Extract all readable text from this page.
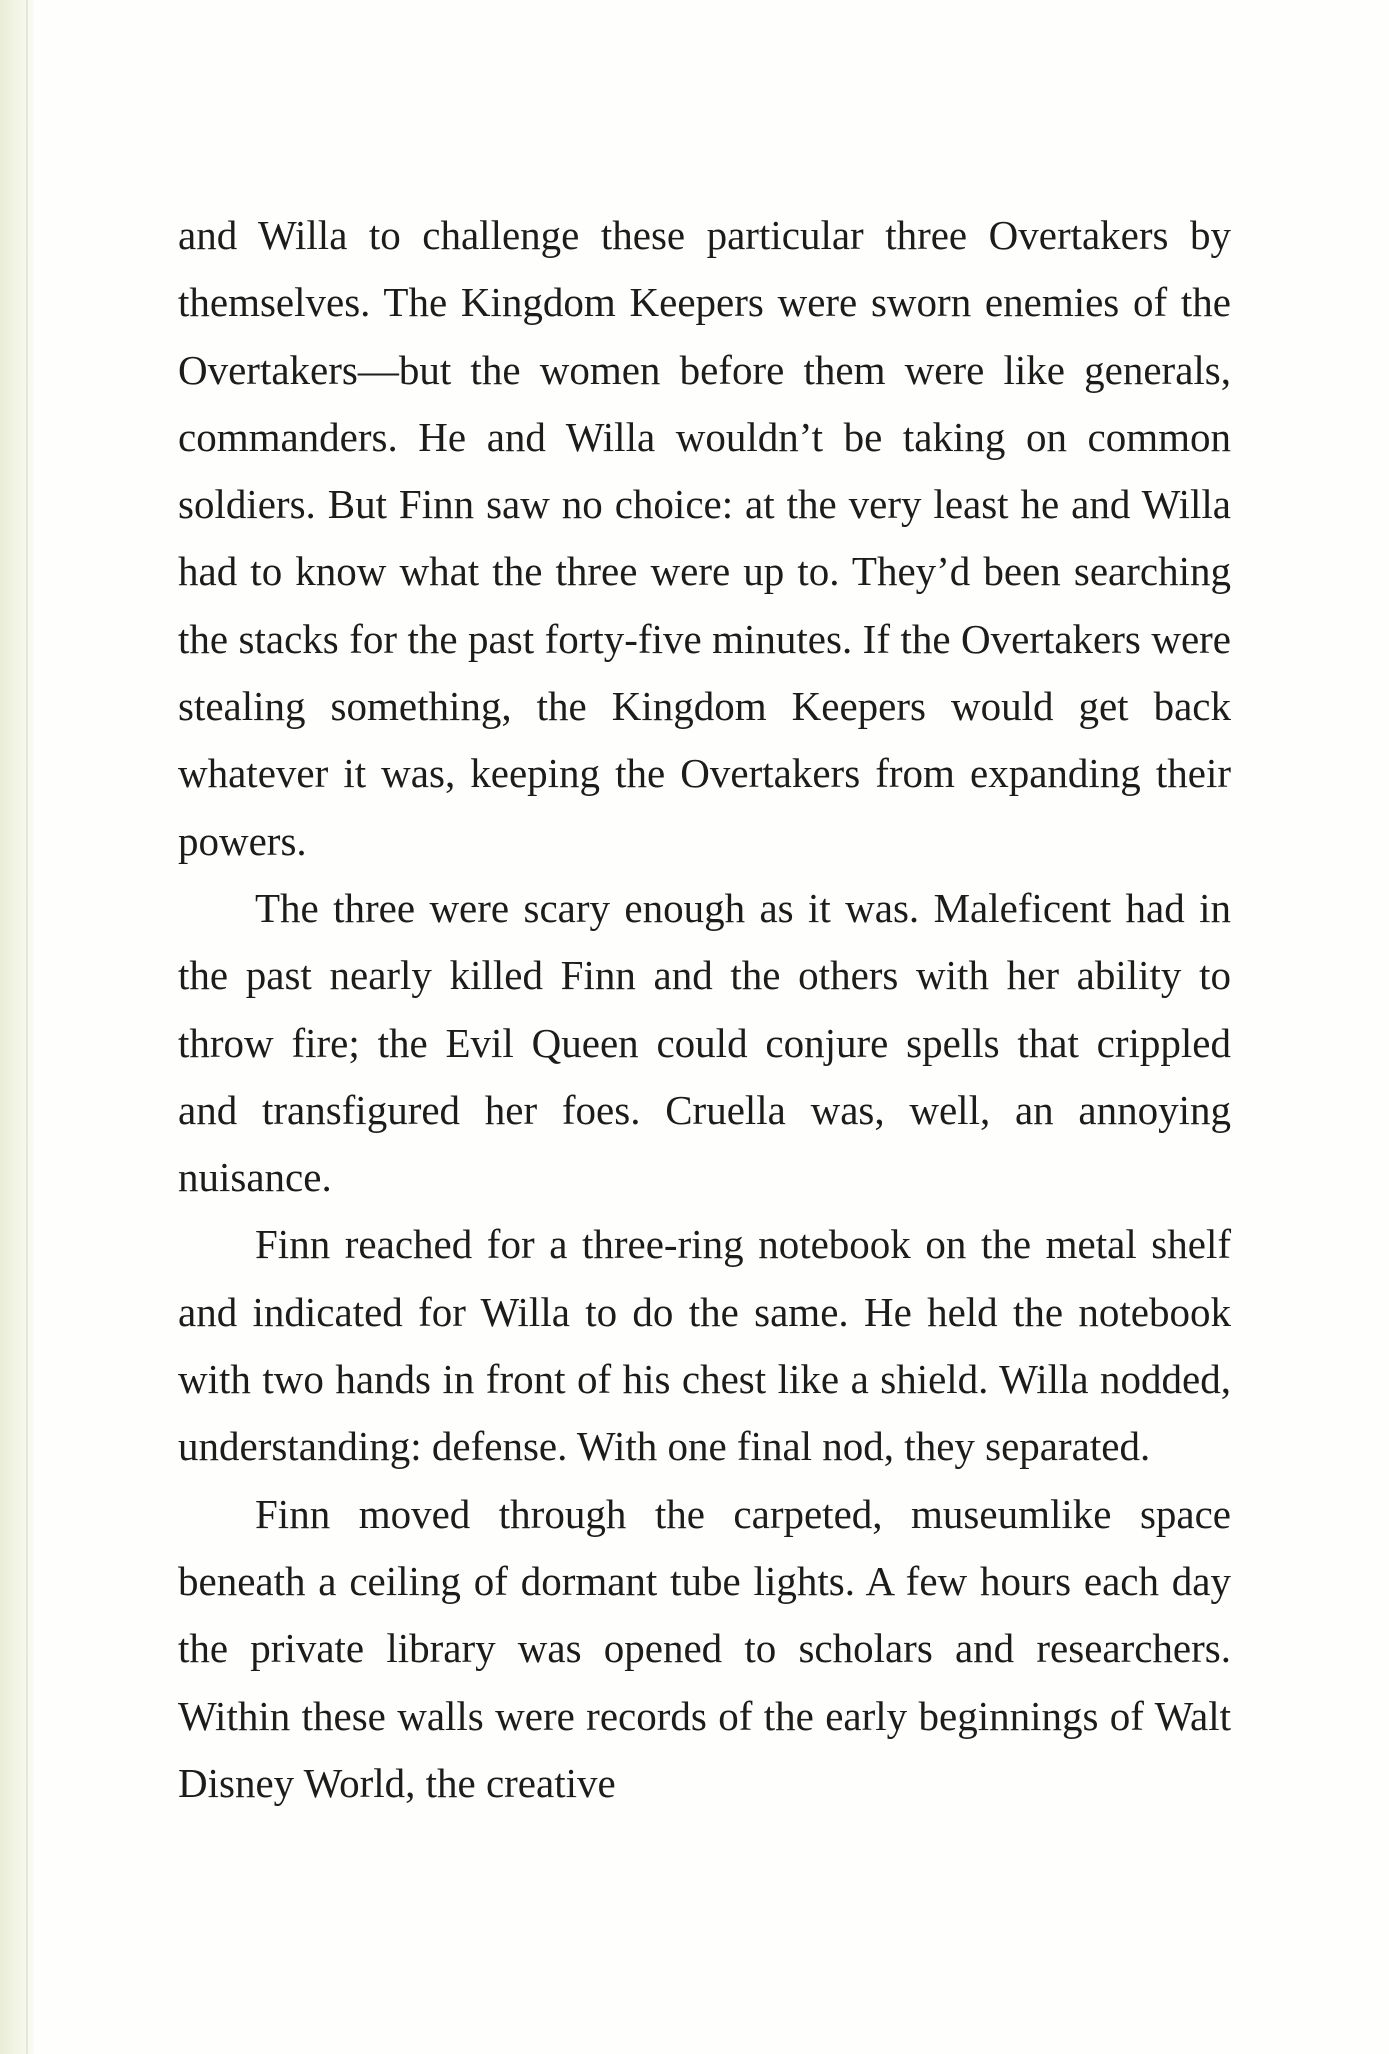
and Willa to challenge these particular three Overtakers by themselves. The Kingdom Keepers were sworn enemies of the Overtakers—but the women before them were like generals, commanders. He and Willa wouldn’t be taking on common soldiers. But Finn saw no choice: at the very least he and Willa had to know what the three were up to. They’d been searching the stacks for the past forty-five minutes. If the Overtakers were stealing something, the Kingdom Keepers would get back whatever it was, keeping the Overtakers from expanding their powers.

The three were scary enough as it was. Maleficent had in the past nearly killed Finn and the others with her ability to throw fire; the Evil Queen could conjure spells that crippled and transfigured her foes. Cruella was, well, an annoying nuisance.

Finn reached for a three-ring notebook on the metal shelf and indicated for Willa to do the same. He held the notebook with two hands in front of his chest like a shield. Willa nodded, understanding: defense. With one final nod, they separated.

Finn moved through the carpeted, museumlike space beneath a ceiling of dormant tube lights. A few hours each day the private library was opened to scholars and researchers. Within these walls were records of the early beginnings of Walt Disney World, the creative
